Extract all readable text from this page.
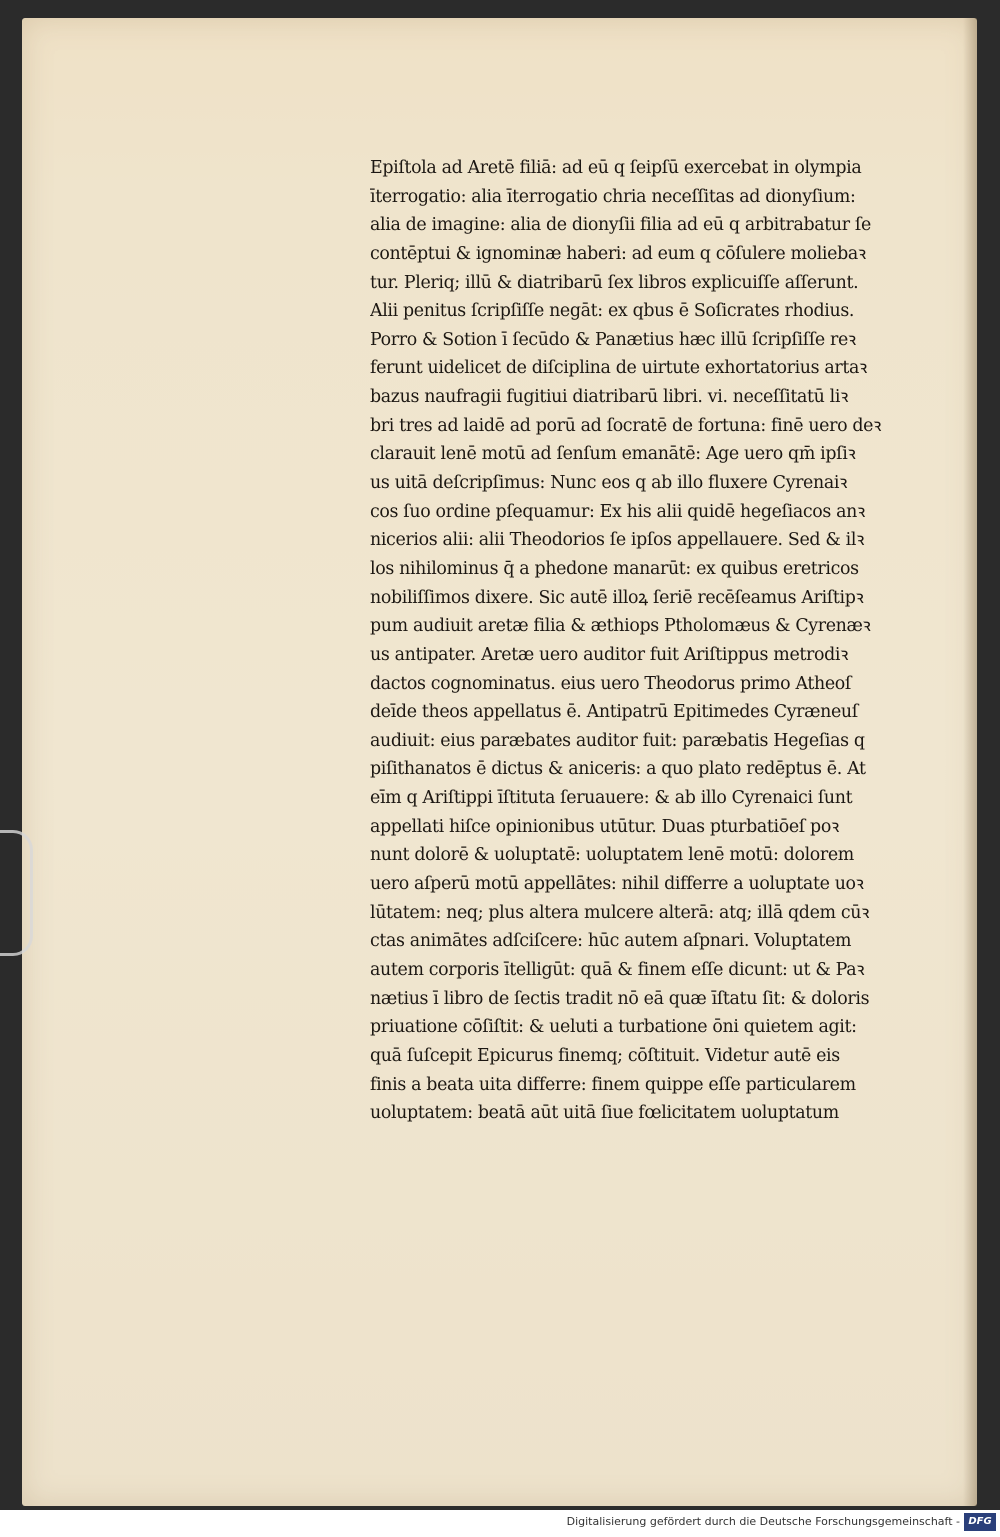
Epiſtola ad Aretē filiā: ad eū q ſeipſū exercebat in olympia
īterrogatio: alia īterrogatio chria neceſſitas ad dionyſium:
alia de imagine: alia de dionyſii filia ad eū q arbitrabatur ſe
contēptui & ignominæ haberi: ad eum q cōſulere moliebaꝛ
tur. Pleriq; illū & diatribarū ſex libros explicuiſſe aſſerunt.
Alii penitus ſcripſiſſe negāt: ex qbus ē Soſicrates rhodius.
Porro & Sotion ī ſecūdo & Panætius hæc illū ſcripſiſſe reꝛ
ferunt uidelicet de diſciplina de uirtute exhortatorius artaꝛ
bazus naufragii fugitiui diatribarū libri. vi. neceſſitatū liꝛ
bri tres ad laidē ad porū ad ſocratē de fortuna: finē uero deꝛ
clarauit lenē motū ad ſenſum emanātē: Age uero qm̄ ipſiꝛ
us uitā deſcripſimus: Nunc eos q ab illo fluxere Cyrenaiꝛ
cos ſuo ordine pſequamur: Ex his alii quidē hegeſiacos anꝛ
nicerios alii: alii Theodorios ſe ipſos appellauere. Sed & ilꝛ
los nihilominus q̄ a phedone manarūt: ex quibus eretricos
nobiliſſimos dixere. Sic autē illoꝝ ſeriē recēſeamus Ariſtipꝛ
pum audiuit aretæ filia & æthiops Ptholomæus & Cyrenæꝛ
us antipater. Aretæ uero auditor fuit Ariſtippus metrodiꝛ
dactos cognominatus. eius uero Theodorus primo Atheoſ
deīde theos appellatus ē. Antipatrū Epitimedes Cyræneuſ
audiuit: eius paræbates auditor fuit: paræbatis Hegeſias q
piſithanatos ē dictus & aniceris: a quo plato redēptus ē. At
eīm q Ariſtippi īſtituta ſeruauere: & ab illo Cyrenaici ſunt
appellati hiſce opinionibus utūtur. Duas pturbatiōeſ poꝛ
nunt dolorē & uoluptatē: uoluptatem lenē motū: dolorem
uero aſperū motū appellātes: nihil differre a uoluptate uoꝛ
lūtatem: neq; plus altera mulcere alterā: atq; illā qdem cūꝛ
ctas animātes adſciſcere: hūc autem aſpnari. Voluptatem
autem corporis ītelligūt: quā & finem eſſe dicunt: ut & Paꝛ
nætius ī libro de ſectis tradit nō eā quæ īſtatu ſit: & doloris
priuatione cōſiſtit: & ueluti a turbatione ōni quietem agit:
quā ſuſcepit Epicurus finemq; cōſtituit. Videtur autē eis
finis a beata uita differre: finem quippe eſſe particularem
uoluptatem: beatā aūt uitā ſiue fœlicitatem uoluptatum
Digitalisierung gefördert durch die Deutsche Forschungsgemeinschaft - DFG
